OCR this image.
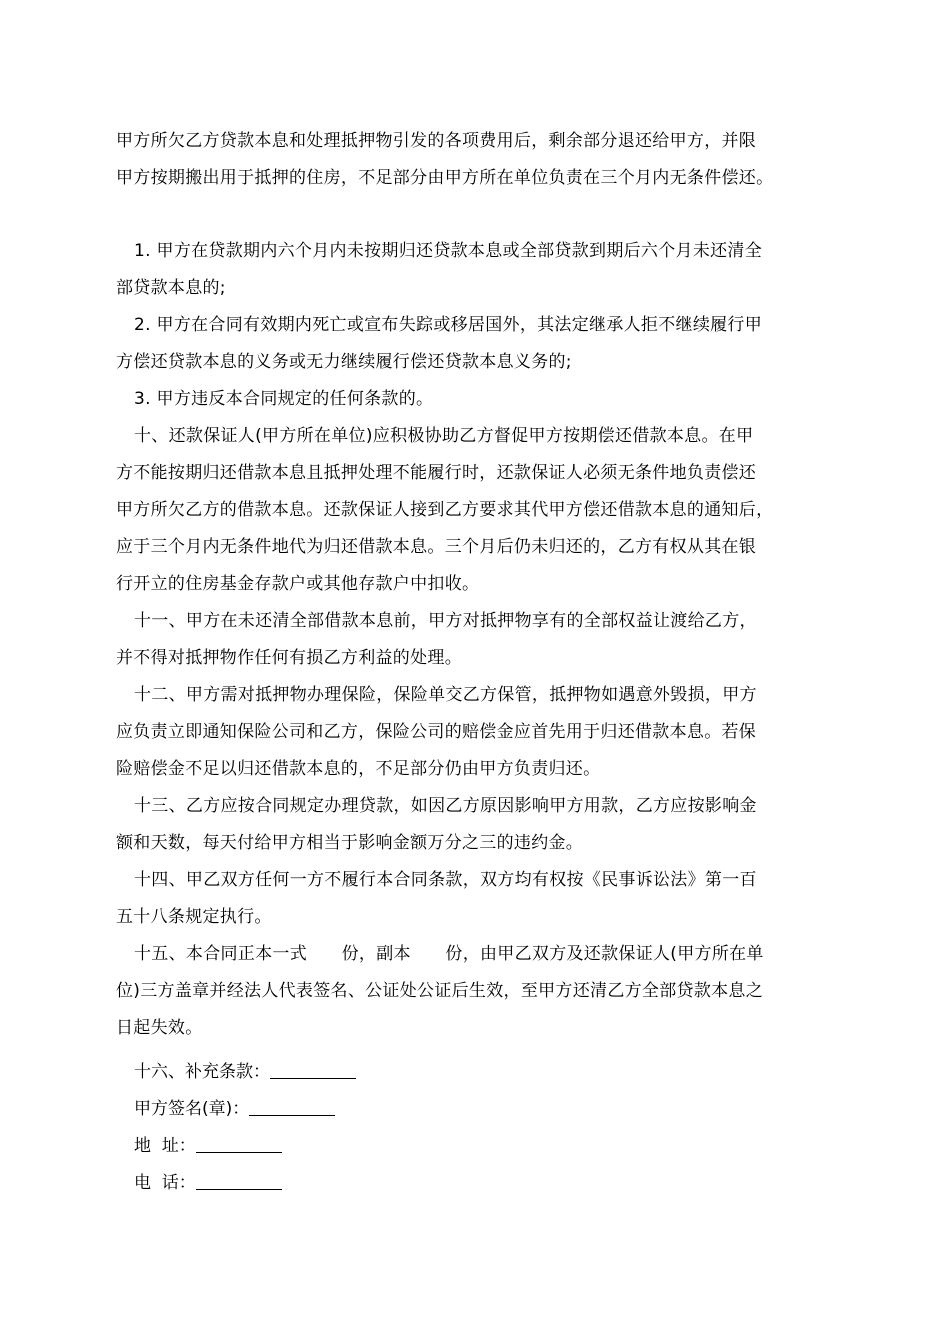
甲方所欠乙方贷款本息和处理抵押物引发的各项费用后，剩余部分退还给甲方，并限
甲方按期搬出用于抵押的住房，不足部分由甲方所在单位负责在三个月内无条件偿还。

1. 甲方在贷款期内六个月内未按期归还贷款本息或全部贷款到期后六个月未还清全
部贷款本息的;

2. 甲方在合同有效期内死亡或宣布失踪或移居国外，其法定继承人拒不继续履行甲
方偿还贷款本息的义务或无力继续履行偿还贷款本息义务的;

3. 甲方违反本合同规定的任何条款的。

十、还款保证人(甲方所在单位)应积极协助乙方督促甲方按期偿还借款本息。在甲
方不能按期归还借款本息且抵押处理不能履行时，还款保证人必须无条件地负责偿还
甲方所欠乙方的借款本息。还款保证人接到乙方要求其代甲方偿还借款本息的通知后，
应于三个月内无条件地代为归还借款本息。三个月后仍未归还的，乙方有权从其在银
行开立的住房基金存款户或其他存款户中扣收。

十一、甲方在未还清全部借款本息前，甲方对抵押物享有的全部权益让渡给乙方，
并不得对抵押物作任何有损乙方利益的处理。

十二、甲方需对抵押物办理保险，保险单交乙方保管，抵押物如遇意外毁损，甲方
应负责立即通知保险公司和乙方，保险公司的赔偿金应首先用于归还借款本息。若保
险赔偿金不足以归还借款本息的，不足部分仍由甲方负责归还。

十三、乙方应按合同规定办理贷款，如因乙方原因影响甲方用款，乙方应按影响金
额和天数，每天付给甲方相当于影响金额万分之三的违约金。

十四、甲乙双方任何一方不履行本合同条款，双方均有权按《民事诉讼法》第一百
五十八条规定执行。

十五、本合同正本一式　　份，副本　　份，由甲乙双方及还款保证人(甲方所在单
位)三方盖章并经法人代表签名、公证处公证后生效，至甲方还清乙方全部贷款本息之
日起失效。

十六、补充条款：
甲方签名(章)：
地  址：
电  话：
